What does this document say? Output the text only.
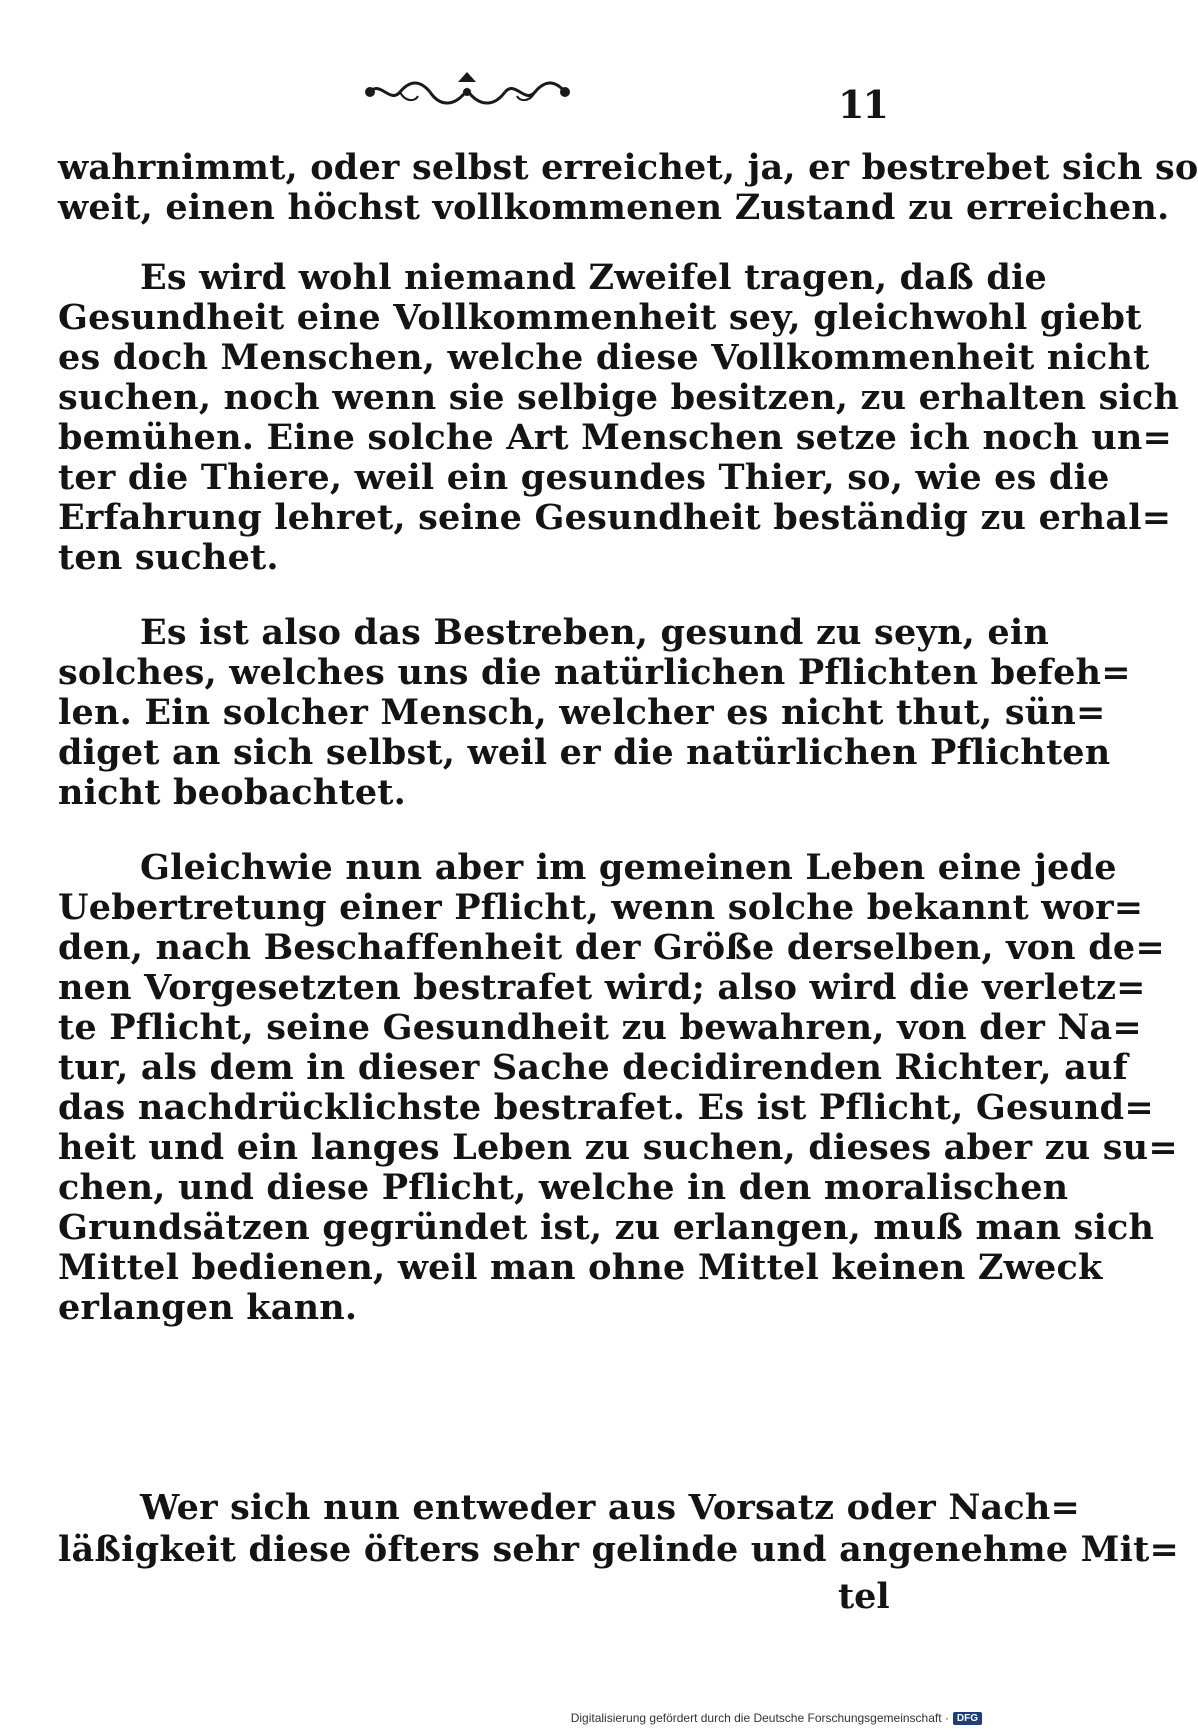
11
wahrnimmt, oder selbst erreichet, ja, er bestrebet sich so
weit, einen höchst vollkommenen Zustand zu erreichen.
Es wird wohl niemand Zweifel tragen, daß die
Gesundheit eine Vollkommenheit sey, gleichwohl giebt
es doch Menschen, welche diese Vollkommenheit nicht
suchen, noch wenn sie selbige besitzen, zu erhalten sich
bemühen. Eine solche Art Menschen setze ich noch un=
ter die Thiere, weil ein gesundes Thier, so, wie es die
Erfahrung lehret, seine Gesundheit beständig zu erhal=
ten suchet.
Es ist also das Bestreben, gesund zu seyn, ein
solches, welches uns die natürlichen Pflichten befeh=
len. Ein solcher Mensch, welcher es nicht thut, sün=
diget an sich selbst, weil er die natürlichen Pflichten
nicht beobachtet.
Gleichwie nun aber im gemeinen Leben eine jede
Uebertretung einer Pflicht, wenn solche bekannt wor=
den, nach Beschaffenheit der Größe derselben, von de=
nen Vorgesetzten bestrafet wird; also wird die verletz=
te Pflicht, seine Gesundheit zu bewahren, von der Na=
tur, als dem in dieser Sache decidirenden Richter, auf
das nachdrücklichste bestrafet. Es ist Pflicht, Gesund=
heit und ein langes Leben zu suchen, dieses aber zu su=
chen, und diese Pflicht, welche in den moralischen
Grundsätzen gegründet ist, zu erlangen, muß man sich
Mittel bedienen, weil man ohne Mittel keinen Zweck
erlangen kann.
Wer sich nun entweder aus Vorsatz oder Nach=
läßigkeit diese öfters sehr gelinde und angenehme Mit=
tel
Digitalisierung gefördert durch die Deutsche Forschungsgemeinschaft · DFG
